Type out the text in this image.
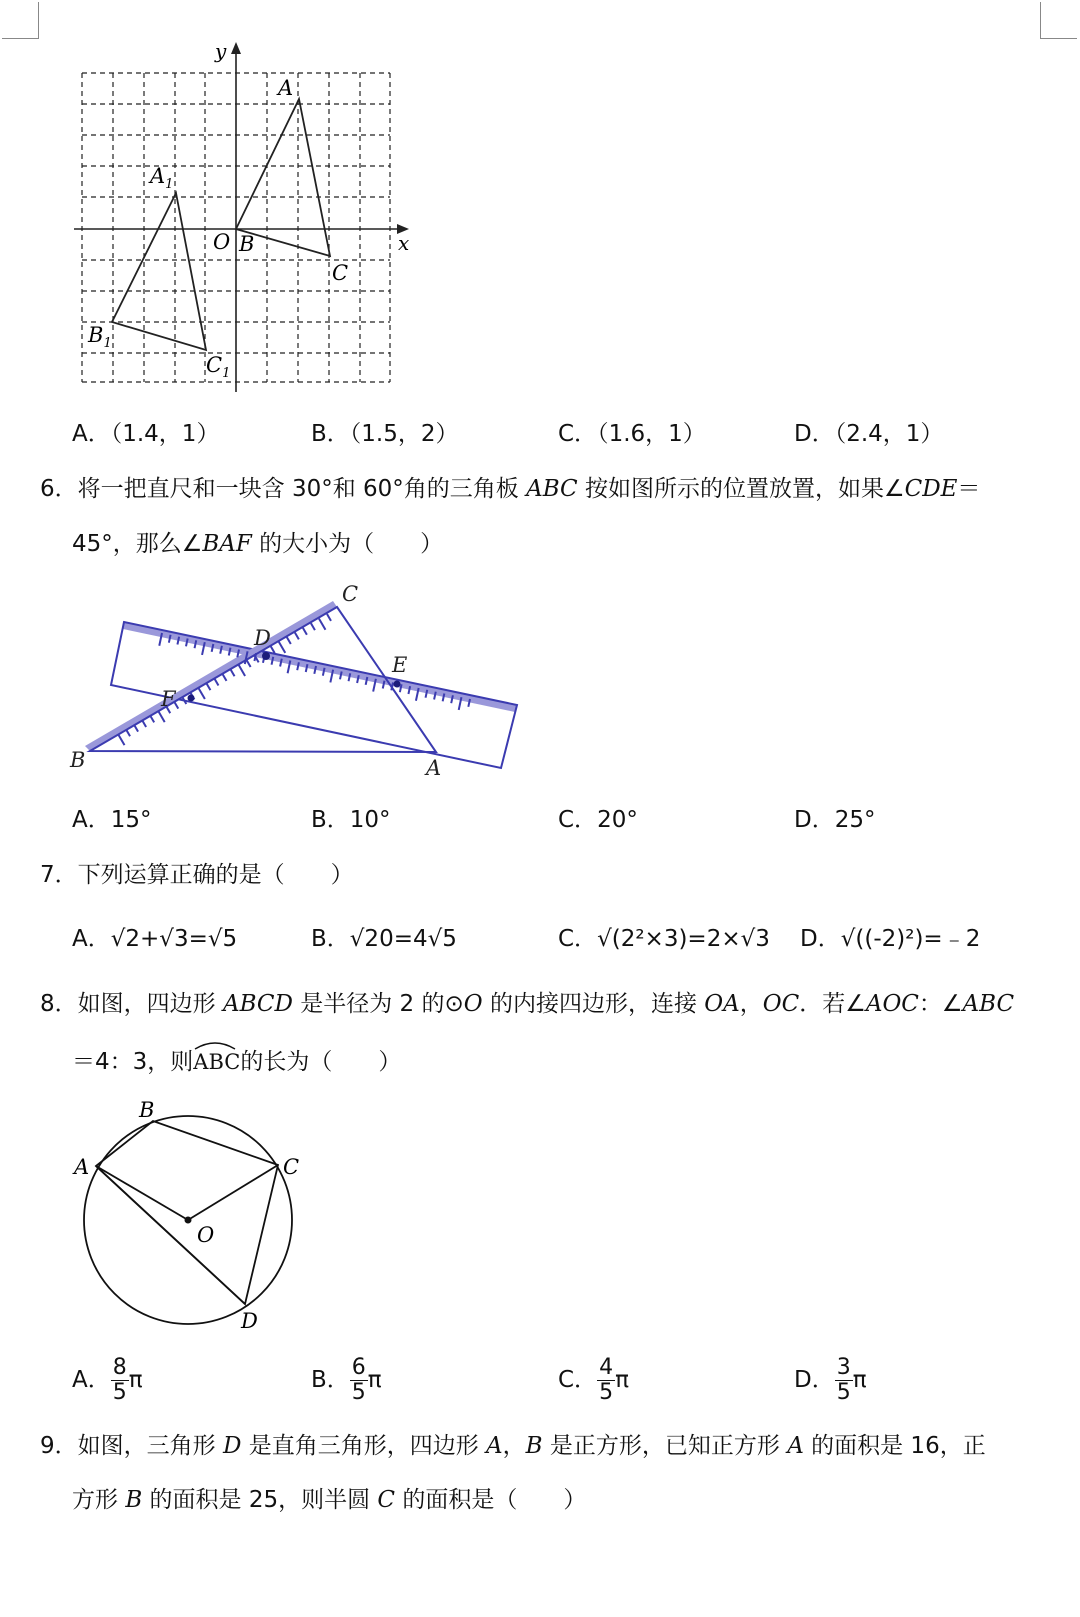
y
x
O B
A
C
$A_1$
$B_1$
$C_1$
A．（1.4，1）	B．（1.5，2）	C．（1.6，1）	D．（2.4，1）
6．将一把直尺和一块含 30°和 60°角的三角板 ABC 按如图所示的位置放置，如果∠CDE＝
45°，那么∠BAF 的大小为（　　）
C
D
E
F
B	A
A．15°	B．10°	C．20°	D．25°
7．下列运算正确的是（　　）
A．√2+√3=√5	B．√20=4√5	C．√(2²×3)=2×√3 D．√((-2)²)=﹣2
8．如图，四边形 ABCD 是半径为 2 的⊙O 的内接四边形，连接 OA，OC．若∠AOC：∠ABC
＝4：3，则
ABC的长为（　　）
B
A	C
O
D
A． $\frac{8}{5}$ π	B． $\frac{6}{5}$ π	C． $\frac{4}{5}$ π	D． $\frac{3}{5}$ π
9．如图，三角形 D 是直角三角形，四边形 A，B 是正方形，已知正方形 A 的面积是 16，正
方形 B 的面积是 25，则半圆 C 的面积是（　　）
